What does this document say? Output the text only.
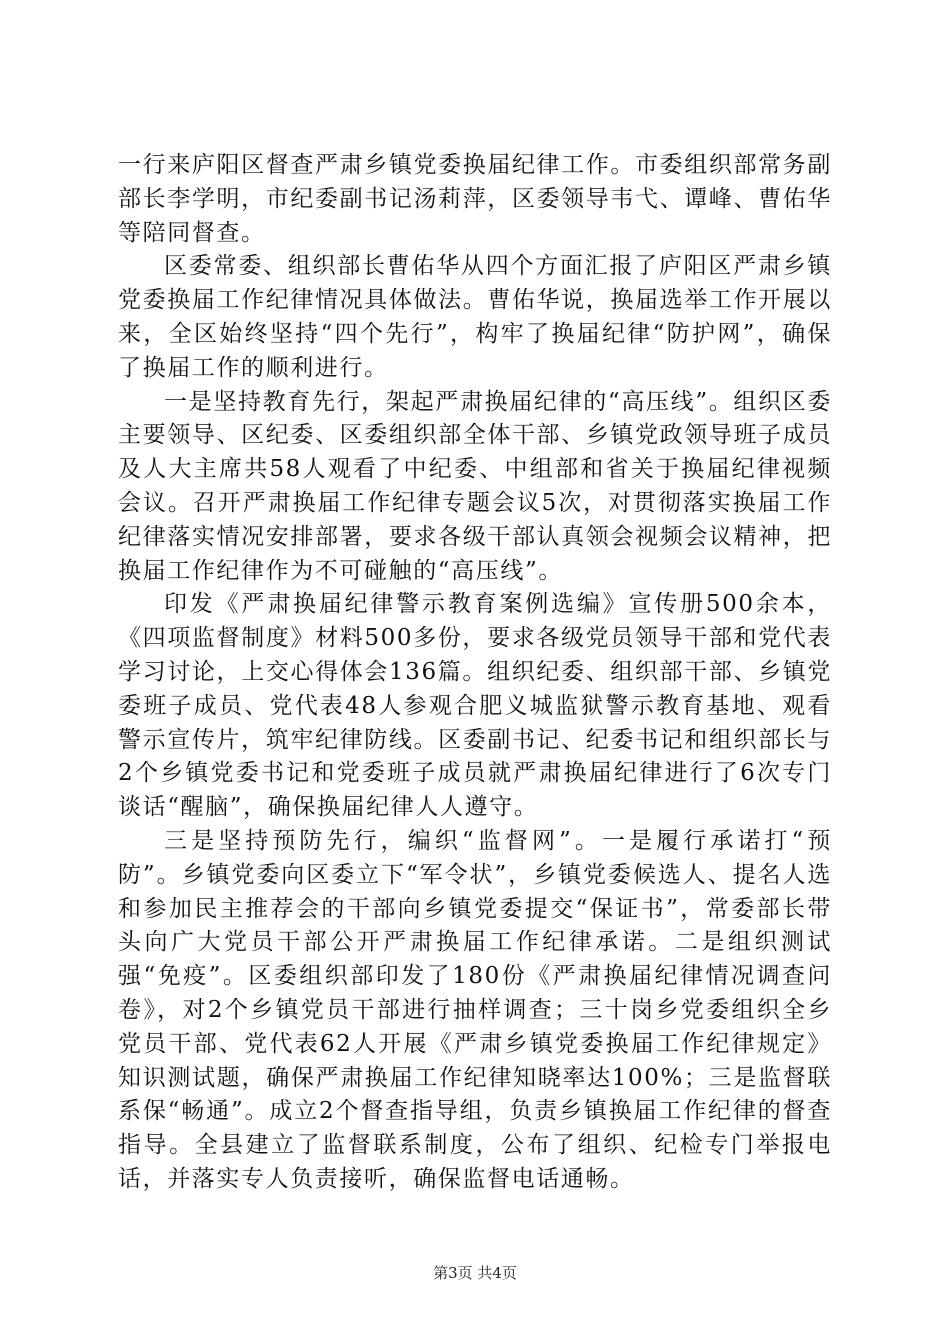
一行来庐阳区督查严肃乡镇党委换届纪律工作。市委组织部常务副部长李学明，市纪委副书记汤莉萍，区委领导韦弋、谭峰、曹佑华等陪同督查。

区委常委、组织部长曹佑华从四个方面汇报了庐阳区严肃乡镇党委换届工作纪律情况具体做法。曹佑华说，换届选举工作开展以来，全区始终坚持“四个先行”，构牢了换届纪律“防护网”，确保了换届工作的顺利进行。

一是坚持教育先行，架起严肃换届纪律的“高压线”。组织区委主要领导、区纪委、区委组织部全体干部、乡镇党政领导班子成员及人大主席共58人观看了中纪委、中组部和省关于换届纪律视频会议。召开严肃换届工作纪律专题会议5次，对贯彻落实换届工作纪律落实情况安排部署，要求各级干部认真领会视频会议精神，把换届工作纪律作为不可碰触的“高压线”。

印发《严肃换届纪律警示教育案例选编》宣传册500余本，《四项监督制度》材料500多份，要求各级党员领导干部和党代表学习讨论，上交心得体会136篇。组织纪委、组织部干部、乡镇党委班子成员、党代表48人参观合肥义城监狱警示教育基地、观看警示宣传片，筑牢纪律防线。区委副书记、纪委书记和组织部长与2个乡镇党委书记和党委班子成员就严肃换届纪律进行了6次专门谈话“醒脑”，确保换届纪律人人遵守。

三是坚持预防先行，编织“监督网”。一是履行承诺打“预防”。乡镇党委向区委立下“军令状”，乡镇党委候选人、提名人选和参加民主推荐会的干部向乡镇党委提交“保证书”，常委部长带头向广大党员干部公开严肃换届工作纪律承诺。二是组织测试强“免疫”。区委组织部印发了180份《严肃换届纪律情况调查问卷》，对2个乡镇党员干部进行抽样调查；三十岗乡党委组织全乡党员干部、党代表62人开展《严肃乡镇党委换届工作纪律规定》知识测试题，确保严肃换届工作纪律知晓率达100%；三是监督联系保“畅通”。成立2个督查指导组，负责乡镇换届工作纪律的督查指导。全县建立了监督联系制度，公布了组织、纪检专门举报电话，并落实专人负责接听，确保监督电话通畅。

第3页 共4页
